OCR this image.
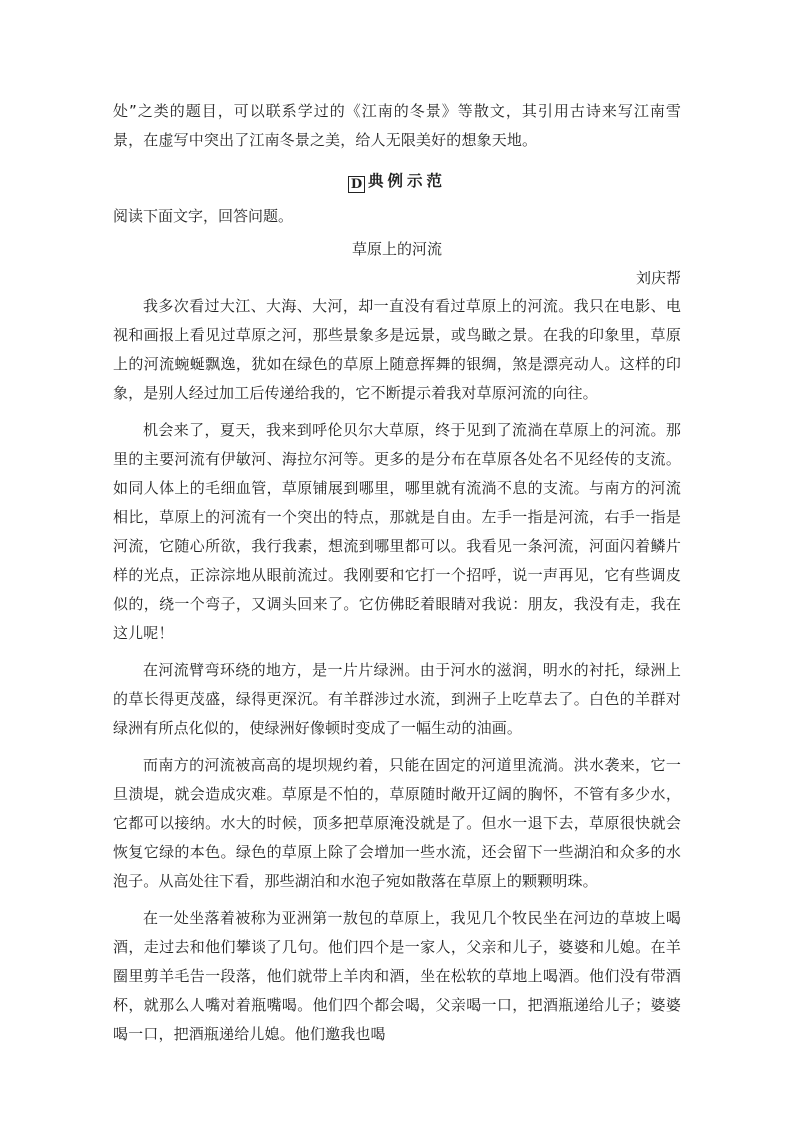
处”之类的题目，可以联系学过的《江南的冬景》等散文，其引用古诗来写江南雪景，在虚写中突出了江南冬景之美，给人无限美好的想象天地。

D 典例示范
阅读下面文字，回答问题。
草原上的河流
刘庆帮

我多次看过大江、大海、大河，却一直没有看过草原上的河流。我只在电影、电视和画报上看见过草原之河，那些景象多是远景，或鸟瞰之景。在我的印象里，草原上的河流蜿蜒飘逸，犹如在绿色的草原上随意挥舞的银绸，煞是漂亮动人。这样的印象，是别人经过加工后传递给我的，它不断提示着我对草原河流的向往。

机会来了，夏天，我来到呼伦贝尔大草原，终于见到了流淌在草原上的河流。那里的主要河流有伊敏河、海拉尔河等。更多的是分布在草原各处名不见经传的支流。如同人体上的毛细血管，草原铺展到哪里，哪里就有流淌不息的支流。与南方的河流相比，草原上的河流有一个突出的特点，那就是自由。左手一指是河流，右手一指是河流，它随心所欲，我行我素，想流到哪里都可以。我看见一条河流，河面闪着鳞片样的光点，正淙淙地从眼前流过。我刚要和它打一个招呼，说一声再见，它有些调皮似的，绕一个弯子，又调头回来了。它仿佛眨着眼睛对我说：朋友，我没有走，我在这儿呢！

在河流臂弯环绕的地方，是一片片绿洲。由于河水的滋润，明水的衬托，绿洲上的草长得更茂盛，绿得更深沉。有羊群涉过水流，到洲子上吃草去了。白色的羊群对绿洲有所点化似的，使绿洲好像顿时变成了一幅生动的油画。

而南方的河流被高高的堤坝规约着，只能在固定的河道里流淌。洪水袭来，它一旦溃堤，就会造成灾难。草原是不怕的，草原随时敞开辽阔的胸怀，不管有多少水，它都可以接纳。水大的时候，顶多把草原淹没就是了。但水一退下去，草原很快就会恢复它绿的本色。绿色的草原上除了会增加一些水流，还会留下一些湖泊和众多的水泡子。从高处往下看，那些湖泊和水泡子宛如散落在草原上的颗颗明珠。

在一处坐落着被称为亚洲第一敖包的草原上，我见几个牧民坐在河边的草坡上喝酒，走过去和他们攀谈了几句。他们四个是一家人，父亲和儿子，婆婆和儿媳。在羊圈里剪羊毛告一段落，他们就带上羊肉和酒，坐在松软的草地上喝酒。他们没有带酒杯，就那么人嘴对着瓶嘴喝。他们四个都会喝，父亲喝一口，把酒瓶递给儿子；婆婆喝一口，把酒瓶递给儿媳。他们邀我也喝
